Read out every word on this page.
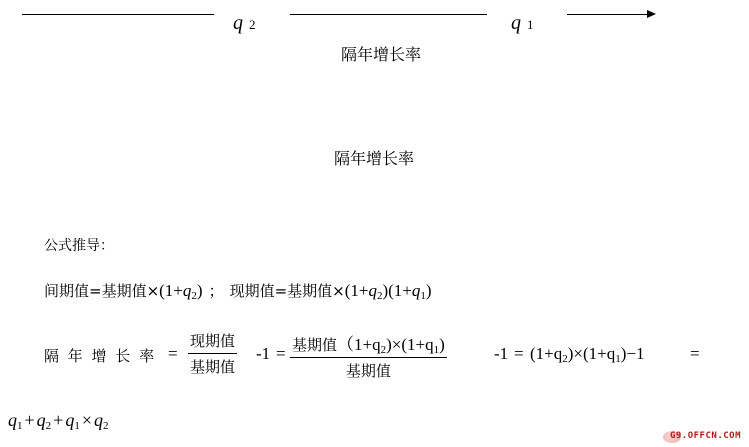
q 2	q 1
隔年增长率
隔年增长率
公式推导：
间期值=基期值$\times(1+q_2)$ ； 现期值=基期值$\times(1+q_2)(1+q_1)$
隔 年 增 长 率 =
现期值
基期值
-1 = 基期值$(1+q_2)\times(1+q_1)$
基期值
$-1 = (1+q_2)\times(1+q_1)-1$	=
$q_1 + q_2 + q_1 \times q_2$
G9.OFFCN.COM
